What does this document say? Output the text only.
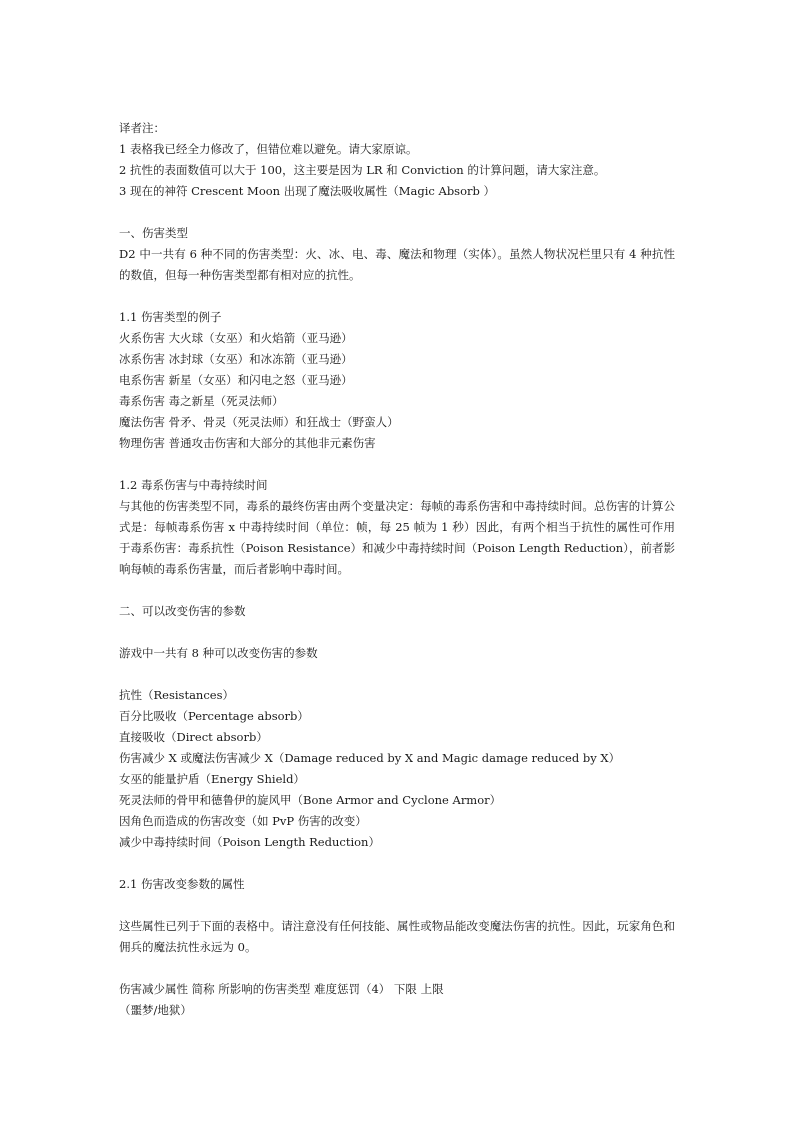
译者注：
1 表格我已经全力修改了，但错位难以避免。请大家原谅。
2 抗性的表面数值可以大于 100，这主要是因为 LR 和 Conviction 的计算问题，请大家注意。
3 现在的神符 Crescent Moon 出现了魔法吸收属性（Magic Absorb ）
一、伤害类型
D2 中一共有 6 种不同的伤害类型：火、冰、电、毒、魔法和物理（实体）。虽然人物状况栏里只有 4 种抗性的数值，但每一种伤害类型都有相对应的抗性。
1.1 伤害类型的例子
火系伤害 大火球（女巫）和火焰箭（亚马逊）
冰系伤害 冰封球（女巫）和冰冻箭（亚马逊）
电系伤害 新星（女巫）和闪电之怒（亚马逊）
毒系伤害 毒之新星（死灵法师）
魔法伤害 骨矛、骨灵（死灵法师）和狂战士（野蛮人）
物理伤害 普通攻击伤害和大部分的其他非元素伤害
1.2 毒系伤害与中毒持续时间
与其他的伤害类型不同，毒系的最终伤害由两个变量决定：每帧的毒系伤害和中毒持续时间。总伤害的计算公式是：每帧毒系伤害 x 中毒持续时间（单位：帧，每 25 帧为 1 秒）因此，有两个相当于抗性的属性可作用于毒系伤害：毒系抗性（Poison Resistance）和减少中毒持续时间（Poison Length Reduction），前者影响每帧的毒系伤害量，而后者影响中毒时间。
二、可以改变伤害的参数
游戏中一共有 8 种可以改变伤害的参数
抗性（Resistances）
百分比吸收（Percentage absorb）
直接吸收（Direct absorb）
伤害减少 X 或魔法伤害减少 X（Damage reduced by X and Magic damage reduced by X）
女巫的能量护盾（Energy Shield）
死灵法师的骨甲和德鲁伊的旋风甲（Bone Armor and Cyclone Armor）
因角色而造成的伤害改变（如 PvP 伤害的改变）
减少中毒持续时间（Poison Length Reduction）
2.1 伤害改变参数的属性
这些属性已列于下面的表格中。请注意没有任何技能、属性或物品能改变魔法伤害的抗性。因此，玩家角色和佣兵的魔法抗性永远为 0。
伤害减少属性 简称 所影响的伤害类型 难度惩罚（4） 下限 上限
（噩梦/地狱）
